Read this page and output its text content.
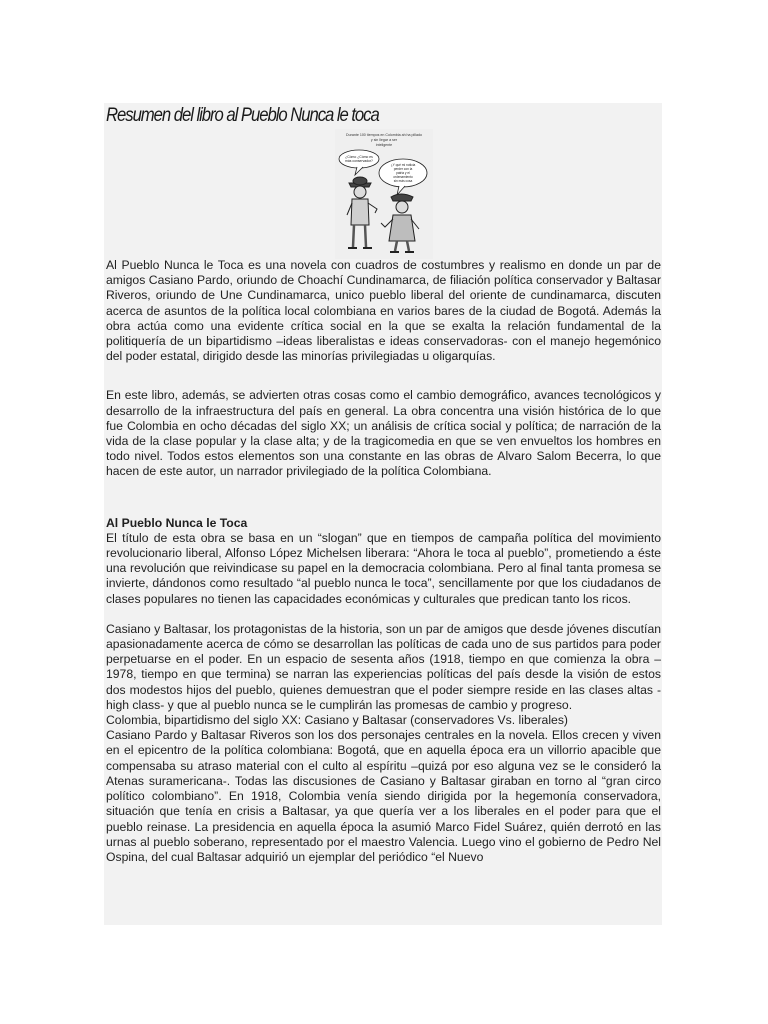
Resumen del libro al Pueblo Nunca le toca
Durante 100 tiempos en Colombia ah ha pillado
y sin llegar a ser
inteligente
¿Cómo ¿Cómo es
más conservador?
¿Y qué mi noticia
perder con la
patria y el
ordenamiento
sin más cosa

Al Pueblo Nunca le Toca es una novela con cuadros de costumbres y realismo en donde un par de amigos Casiano Pardo, oriundo de Choachí Cundinamarca, de filiación política conservador y Baltasar Riveros, oriundo de Une Cundinamarca, unico pueblo liberal del oriente de cundinamarca, discuten acerca de asuntos de la política local colombiana en varios bares de la ciudad de Bogotá. Además la obra actúa como una evidente crítica social en la que se exalta la relación fundamental de la politiquería de un bipartidismo –ideas liberalistas e ideas conservadoras- con el manejo hegemónico del poder estatal, dirigido desde las minorías privilegiadas u oligarquías.

En este libro, además, se advierten otras cosas como el cambio demográfico, avances tecnológicos y desarrollo de la infraestructura del país en general. La obra concentra una visión histórica de lo que fue Colombia en ocho décadas del siglo XX; un análisis de crítica social y política; de narración de la vida de la clase popular y la clase alta; y de la tragicomedia en que se ven envueltos los hombres en todo nivel. Todos estos elementos son una constante en las obras de Alvaro Salom Becerra, lo que hacen de este autor, un narrador privilegiado de la política Colombiana.

Al Pueblo Nunca le Toca

El título de esta obra se basa en un “slogan” que en tiempos de campaña política del movimiento revolucionario liberal, Alfonso López Michelsen liberara: “Ahora le toca al pueblo”, prometiendo a éste una revolución que reivindicase su papel en la democracia colombiana. Pero al final tanta promesa se invierte, dándonos como resultado “al pueblo nunca le toca”, sencillamente por que los ciudadanos de clases populares no tienen las capacidades económicas y culturales que predican tanto los ricos.

Casiano y Baltasar, los protagonistas de la historia, son un par de amigos que desde jóvenes discutían apasionadamente acerca de cómo se desarrollan las políticas de cada uno de sus partidos para poder perpetuarse en el poder. En un espacio de sesenta años (1918, tiempo en que comienza la obra – 1978, tiempo en que termina) se narran las experiencias políticas del país desde la visión de estos dos modestos hijos del pueblo, quienes demuestran que el poder siempre reside en las clases altas -high class- y que al pueblo nunca se le cumplirán las promesas de cambio y progreso.

Colombia, bipartidismo del siglo XX: Casiano y Baltasar (conservadores Vs. liberales)

Casiano Pardo y Baltasar Riveros son los dos personajes centrales en la novela. Ellos crecen y viven en el epicentro de la política colombiana: Bogotá, que en aquella época era un villorrio apacible que compensaba su atraso material con el culto al espíritu –quizá por eso alguna vez se le consideró la Atenas suramericana-. Todas las discusiones de Casiano y Baltasar giraban en torno al “gran circo político colombiano”. En 1918, Colombia venía siendo dirigida por la hegemonía conservadora, situación que tenía en crisis a Baltasar, ya que quería ver a los liberales en el poder para que el pueblo reinase. La presidencia en aquella época la asumió Marco Fidel Suárez, quién derrotó en las urnas al pueblo soberano, representado por el maestro Valencia. Luego vino el gobierno de Pedro Nel Ospina, del cual Baltasar adquirió un ejemplar del periódico “el Nuevo
